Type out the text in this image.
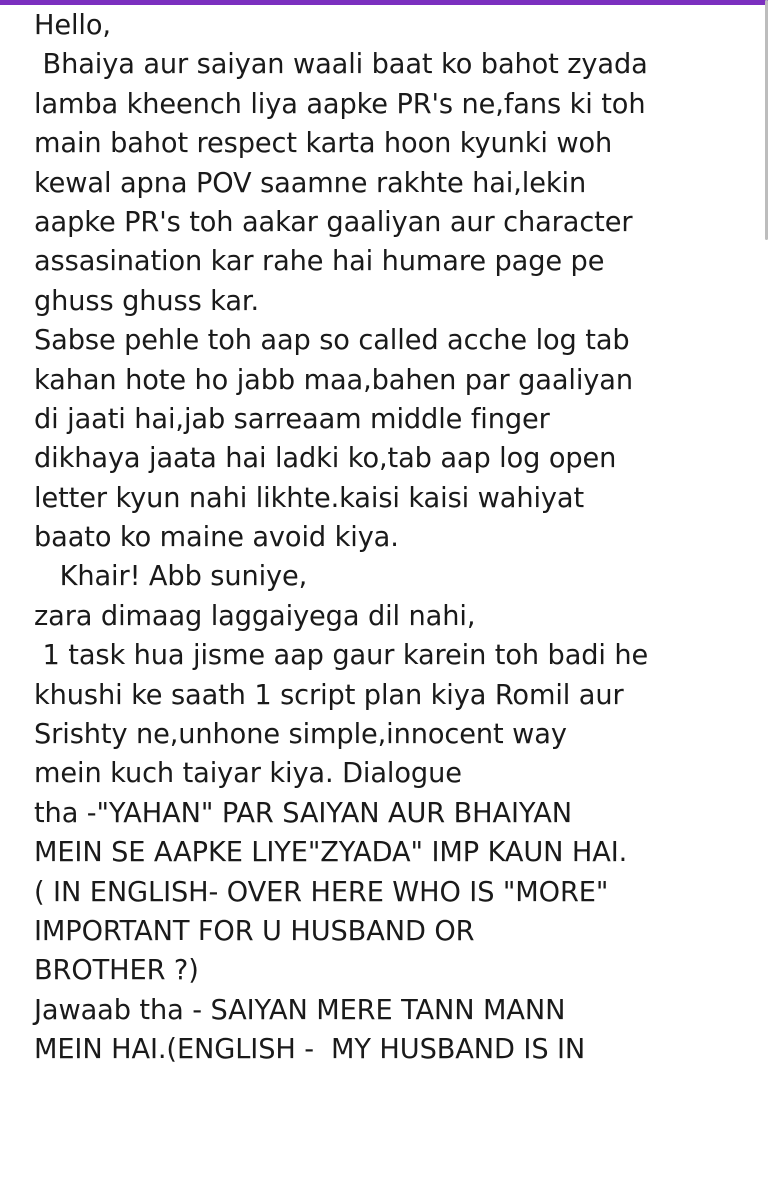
Hello,
Bhaiya aur saiyan waali baat ko bahot zyada
lamba kheench liya aapke PR's ne,fans ki toh
main bahot respect karta hoon kyunki woh
kewal apna POV saamne rakhte hai,lekin
aapke PR's toh aakar gaaliyan aur character
assasination kar rahe hai humare page pe
ghuss ghuss kar.
Sabse pehle toh aap so called acche log tab
kahan hote ho jabb maa,bahen par gaaliyan
di jaati hai,jab sarreaam middle finger
dikhaya jaata hai ladki ko,tab aap log open
letter kyun nahi likhte.kaisi kaisi wahiyat
baato ko maine avoid kiya.
Khair! Abb suniye,
zara dimaag laggaiyega dil nahi,
1 task hua jisme aap gaur karein toh badi he
khushi ke saath 1 script plan kiya Romil aur
Srishty ne,unhone simple,innocent way
mein kuch taiyar kiya. Dialogue
tha -"YAHAN" PAR SAIYAN AUR BHAIYAN
MEIN SE AAPKE LIYE"ZYADA" IMP KAUN HAI.
( IN ENGLISH- OVER HERE WHO IS "MORE"
IMPORTANT FOR U HUSBAND OR
BROTHER ?)
Jawaab tha - SAIYAN MERE TANN MANN
MEIN HAI.(ENGLISH -  MY HUSBAND IS IN
